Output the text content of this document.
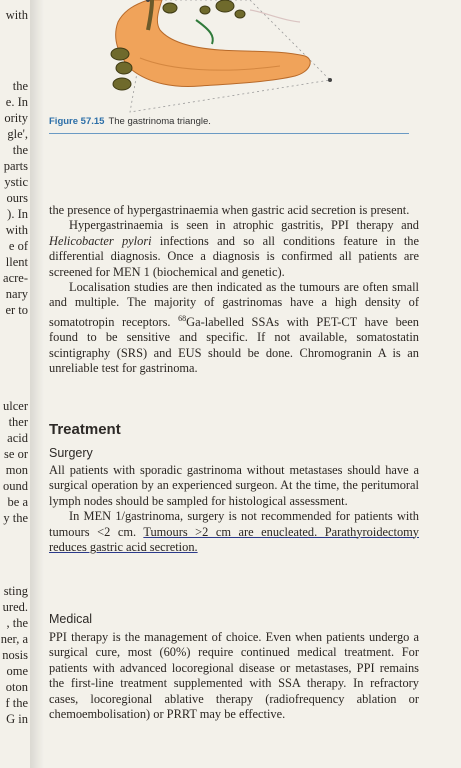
with
the
e. In
ority
gle',
the
parts
ystic
ours
). In
with
e of
llent
acre-
nary
er to
ulcer
ther
acid
se or
mon
ound
be a
y the
sting
ured.
, the
ner, a
nosis
ome
oton
f the
G in
Figure 57.15 The gastrinoma triangle.

the presence of hypergastrinaemia when gastric acid secretion is present.

Hypergastrinaemia is seen in atrophic gastritis, PPI therapy and Helicobacter pylori infections and so all conditions feature in the differential diagnosis. Once a diagnosis is confirmed all patients are screened for MEN 1 (biochemical and genetic).

Localisation studies are then indicated as the tumours are often small and multiple. The majority of gastrinomas have a high density of somatotropin receptors. $^{68}$Ga-labelled SSAs with PET-CT have been found to be sensitive and specific. If not available, somatostatin scintigraphy (SRS) and EUS should be done. Chromogranin A is an unreliable test for gastrinoma.

Treatment
Surgery

All patients with sporadic gastrinoma without metastases should have a surgical operation by an experienced surgeon. At the time, the peritumoral lymph nodes should be sampled for histological assessment.

In MEN 1/gastrinoma, surgery is not recommended for patients with tumours <2 cm. Tumours >2 cm are enucleated. Parathyroidectomy reduces gastric acid secretion.

Medical

PPI therapy is the management of choice. Even when patients undergo a surgical cure, most (60%) require continued medical treatment. For patients with advanced locoregional disease or metastases, PPI remains the first-line treatment supplemented with SSA therapy. In refractory cases, locoregional ablative therapy (radiofrequency ablation or chemoembolisation) or PRRT may be effective.
